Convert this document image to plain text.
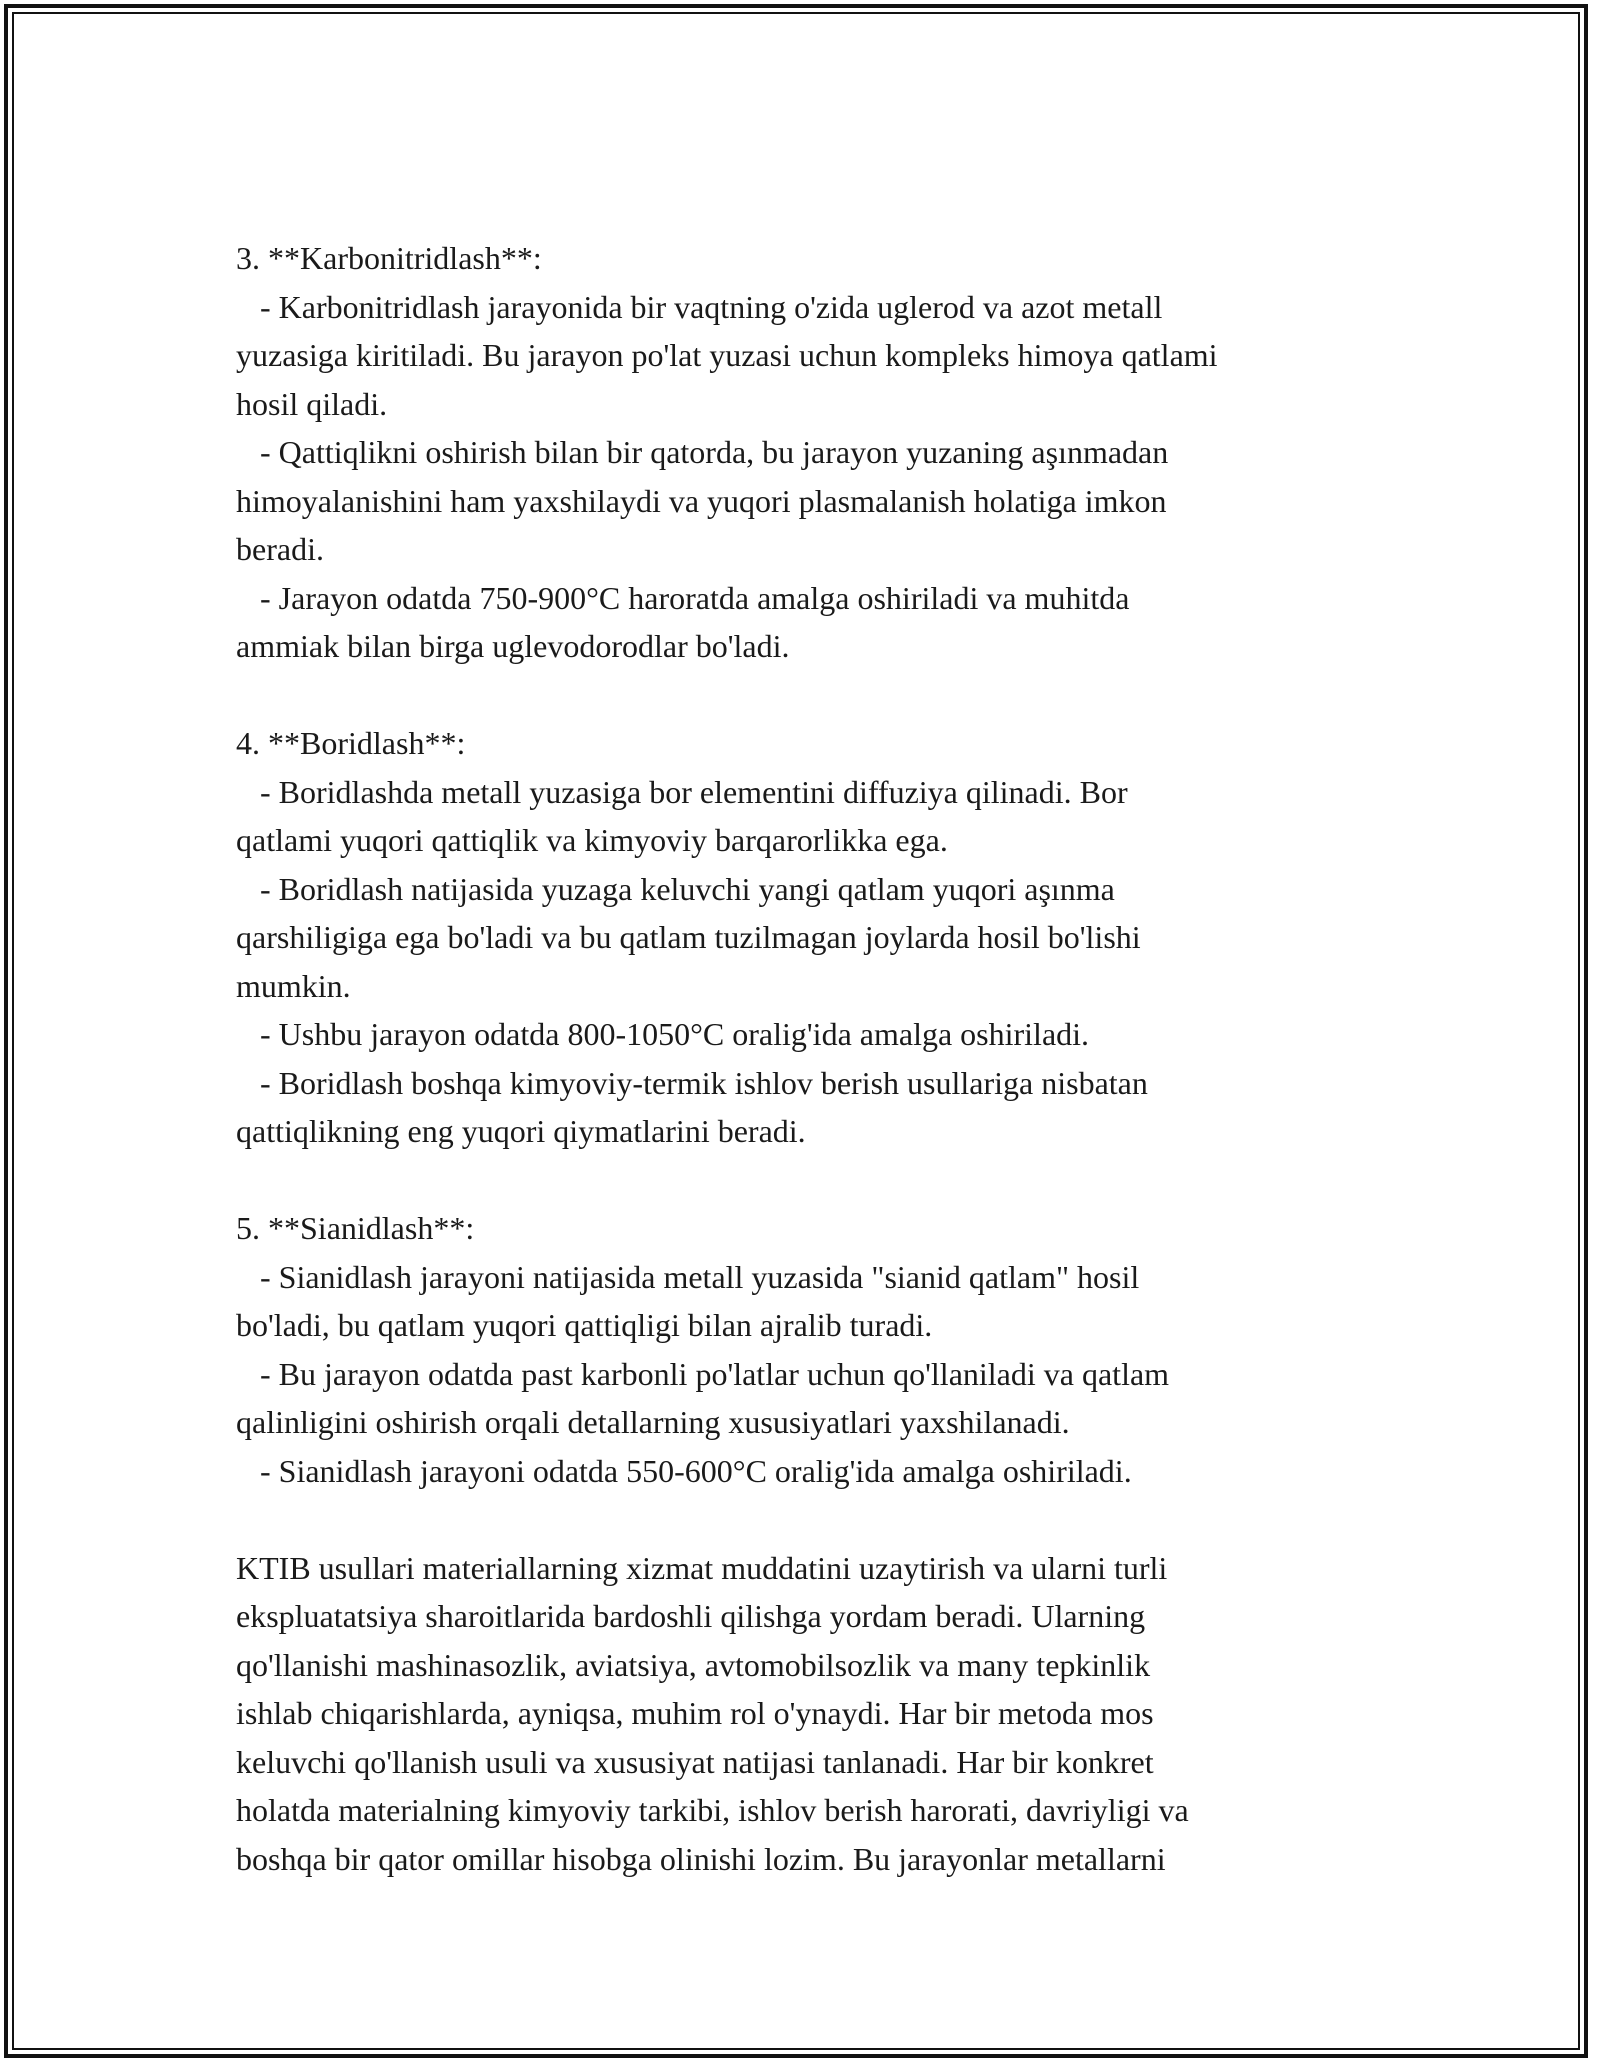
3. **Karbonitridlash**:
- Karbonitridlash jarayonida bir vaqtning o'zida uglerod va azot metall
yuzasiga kiritiladi. Bu jarayon po'lat yuzasi uchun kompleks himoya qatlami
hosil qiladi.
- Qattiqlikni oshirish bilan bir qatorda, bu jarayon yuzaning aşınmadan
himoyalanishini ham yaxshilaydi va yuqori plasmalanish holatiga imkon
beradi.
- Jarayon odatda 750-900°C haroratda amalga oshiriladi va muhitda
ammiak bilan birga uglevodorodlar bo'ladi.

4. **Boridlash**:
- Boridlashda metall yuzasiga bor elementini diffuziya qilinadi. Bor
qatlami yuqori qattiqlik va kimyoviy barqarorlikka ega.
- Boridlash natijasida yuzaga keluvchi yangi qatlam yuqori aşınma
qarshiligiga ega bo'ladi va bu qatlam tuzilmagan joylarda hosil bo'lishi
mumkin.
- Ushbu jarayon odatda 800-1050°C oralig'ida amalga oshiriladi.
- Boridlash boshqa kimyoviy-termik ishlov berish usullariga nisbatan
qattiqlikning eng yuqori qiymatlarini beradi.

5. **Sianidlash**:
- Sianidlash jarayoni natijasida metall yuzasida "sianid qatlam" hosil
bo'ladi, bu qatlam yuqori qattiqligi bilan ajralib turadi.
- Bu jarayon odatda past karbonli po'latlar uchun qo'llaniladi va qatlam
qalinligini oshirish orqali detallarning xususiyatlari yaxshilanadi.
- Sianidlash jarayoni odatda 550-600°C oralig'ida amalga oshiriladi.

KTIB usullari materiallarning xizmat muddatini uzaytirish va ularni turli
ekspluatatsiya sharoitlarida bardoshli qilishga yordam beradi. Ularning
qo'llanishi mashinasozlik, aviatsiya, avtomobilsozlik va many tepkinlik
ishlab chiqarishlarda, ayniqsa, muhim rol o'ynaydi. Har bir metoda mos
keluvchi qo'llanish usuli va xususiyat natijasi tanlanadi. Har bir konkret
holatda materialning kimyoviy tarkibi, ishlov berish harorati, davriyligi va
boshqa bir qator omillar hisobga olinishi lozim. Bu jarayonlar metallarni
